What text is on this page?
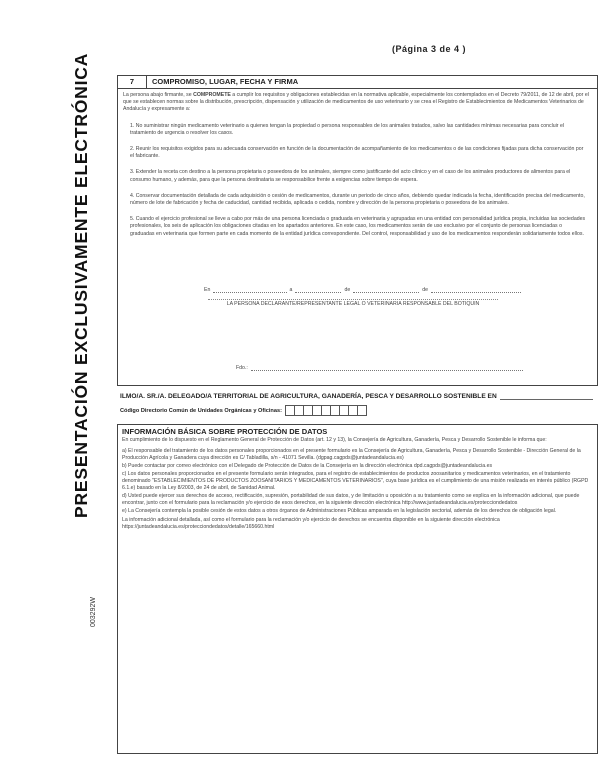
(Página 3 de 4 )
PRESENTACIÓN EXCLUSIVAMENTE ELECTRÓNICA
003292W
7	COMPROMISO, LUGAR, FECHA Y FIRMA
La persona abajo firmante, se COMPROMETE a cumplir los requisitos y obligaciones establecidas en la normativa aplicable, especialmente los contemplados en el Decreto 79/2011, de 12 de abril, por el que se establecen normas sobre la distribución, prescripción, dispensación y utilización de medicamentos de uso veterinario y se crea el Registro de Establecimientos de Medicamentos Veterinarios de Andalucía y expresamente a:
1. No suministrar ningún medicamento veterinario a quienes tengan la propiedad o persona responsables de los animales tratados, salvo las cantidades mínimas necesarias para concluir el tratamiento de urgencia o resolver los casos.
2. Reunir los requisitos exigidos para su adecuada conservación en función de la documentación de acompañamiento de los medicamentos o de las condiciones fijadas para dicha conservación por el fabricante.
3. Extender la receta con destino a la persona propietaria o poseedora de los animales, siempre como justificante del acto clínico y en el caso de los animales productores de alimentos para el consumo humano, y además, para que la persona destinataria se responsabilice frente a exigencias sobre tiempo de espera.
4. Conservar documentación detallada de cada adquisición o cesión de medicamentos, durante un periodo de cinco años, debiendo quedar indicada la fecha, identificación precisa del medicamento, número de lote de fabricación y fecha de caducidad, cantidad recibida, aplicada o cedida, nombre y dirección de la persona propietaria o poseedora de los animales.
5. Cuando el ejercicio profesional se lleve a cabo por más de una persona licenciada o graduada en veterinaria y agrupadas en una entidad con personalidad jurídica propia, incluidas las sociedades profesionales, los seis de aplicación los obligaciones citadas en los apartados anteriores. En este caso, los medicamentos serán de uso exclusivo por el conjunto de personas licenciadas o graduadas en veterinaria que formen parte en cada momento de la entidad jurídica correspondiente. Del control, responsabilidad y uso de los medicamentos responderán solidariamente todos ellos.
En	a	de	de
LA PERSONA DECLARANTE/REPRESENTANTE LEGAL O VETERINARIA RESPONSABLE DEL BOTIQUIN
Fdo.:
ILMO/A. SR./A. DELEGADO/A TERRITORIAL DE AGRICULTURA, GANADERÍA, PESCA Y DESARROLLO SOSTENIBLE EN
Código Directorio Común de Unidades Orgánicas y Oficinas:
INFORMACIÓN BÁSICA SOBRE PROTECCIÓN DE DATOS
En cumplimiento de lo dispuesto en el Reglamento General de Protección de Datos (art. 12 y 13), la Consejería de Agricultura, Ganadería, Pesca y Desarrollo Sostenible le informa que:
a) El responsable del tratamiento de los datos personales proporcionados en el presente formulario es la Consejería de Agricultura, Ganadería, Pesca y Desarrollo Sostenible - Dirección General de la Producción Agrícola y Ganadera cuya dirección es C/ Tabladilla, s/n - 41071 Sevilla. (dgpag.cagpds@juntadeandalucia.es)
b) Puede contactar por correo electrónico con el Delegado de Protección de Datos de la Consejería en la dirección electrónica dpd.cagpds@juntadeandalucia.es
c) Los datos personales proporcionados en el presente formulario serán integrados, para el registro de establecimientos de productos zoosanitarios y medicamentos veterinarios, en el tratamiento denominado "ESTABLECIMIENTOS DE PRODUCTOS ZOOSANITARIOS Y MEDICAMENTOS VETERINARIOS", cuya base jurídica es el cumplimiento de una misión realizada en interés público (RGPD 6.1.e) basado en la Ley 8/2003, de 24 de abril, de Sanidad Animal.
d) Usted puede ejercer sus derechos de acceso, rectificación, supresión, portabilidad de sus datos, y de limitación u oposición a su tratamiento como se explica en la información adicional, que puede encontrar, junto con el formulario para la reclamación y/o ejercicio de esos derechos, en la siguiente dirección electrónica http://www.juntadeandalucia.es/protecciondedatos
e) La Consejería contempla la posible cesión de estos datos a otros órganos de Administraciones Públicas amparada en la legislación sectorial, además de los derechos de obligación legal.
La información adicional detallada, así como el formulario para la reclamación y/o ejercicio de derechos se encuentra disponible en la siguiente dirección electrónica https://juntadeandalucia.es/protecciondedatos/detalle/165660.html
